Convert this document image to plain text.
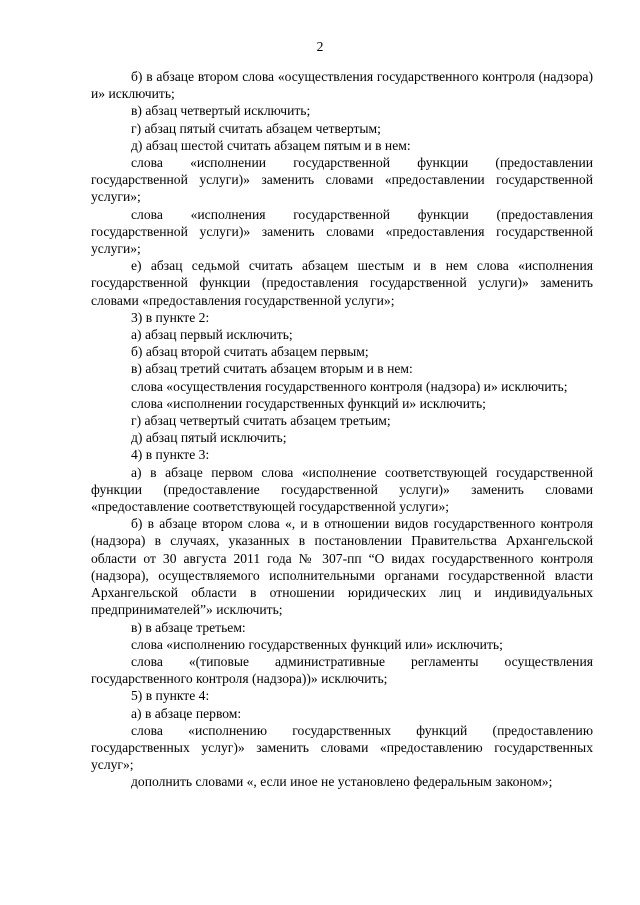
2

б) в абзаце втором слова «осуществления государственного контроля (надзора) и» исключить;

в) абзац четвертый исключить;

г) абзац пятый считать абзацем четвертым;

д) абзац шестой считать абзацем пятым и в нем:

слова «исполнении государственной функции (предоставлении государственной услуги)» заменить словами «предоставлении государственной услуги»;

слова «исполнения государственной функции (предоставления государственной услуги)» заменить словами «предоставления государственной услуги»;

е) абзац седьмой считать абзацем шестым и в нем слова «исполнения государственной функции (предоставления государственной услуги)» заменить словами «предоставления государственной услуги»;

3) в пункте 2:

а) абзац первый исключить;

б) абзац второй считать абзацем первым;

в) абзац третий считать абзацем вторым и в нем:

слова «осуществления государственного контроля (надзора) и» исключить;

слова «исполнении государственных функций и» исключить;

г) абзац четвертый считать абзацем третьим;

д) абзац пятый исключить;

4) в пункте 3:

а) в абзаце первом слова «исполнение соответствующей государственной функции (предоставление государственной услуги)» заменить словами «предоставление соответствующей государственной услуги»;

б) в абзаце втором слова «, и в отношении видов государственного контроля (надзора) в случаях, указанных в постановлении Правительства Архангельской области от 30 августа 2011 года № 307-пп “О видах государственного контроля (надзора), осуществляемого исполнительными органами государственной власти Архангельской области в отношении юридических лиц и индивидуальных предпринимателей”» исключить;

в) в абзаце третьем:

слова «исполнению государственных функций или» исключить;

слова «(типовые административные регламенты осуществления государственного контроля (надзора))» исключить;

5) в пункте 4:

а) в абзаце первом:

слова «исполнению государственных функций (предоставлению государственных услуг)» заменить словами «предоставлению государственных услуг»;

дополнить словами «, если иное не установлено федеральным законом»;
